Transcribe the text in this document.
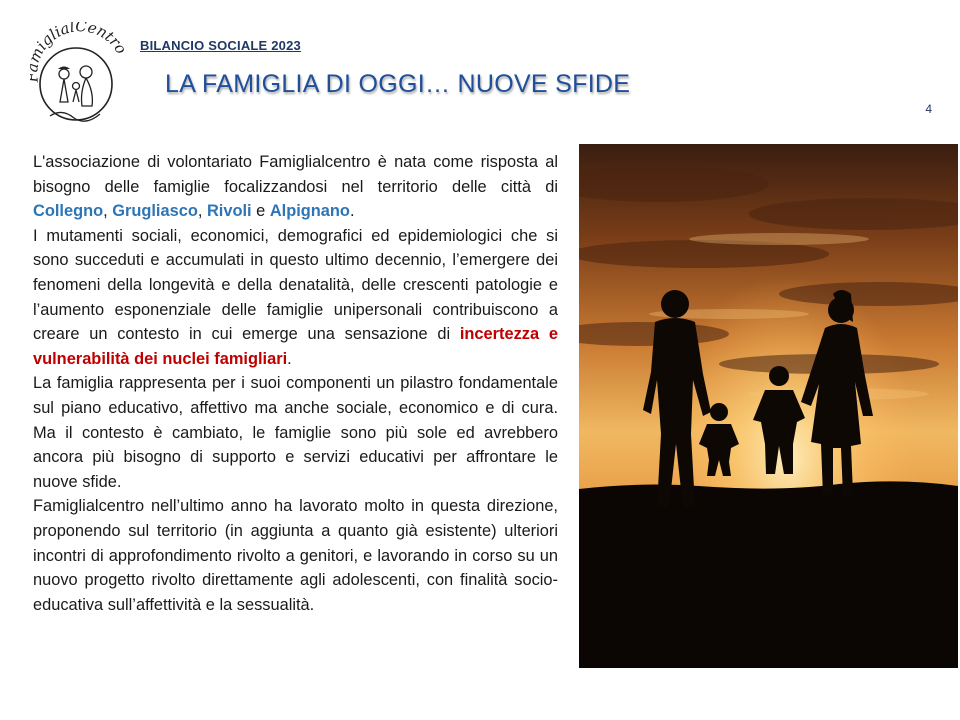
iglialCentro BILANCIO SOCIALE 2023
LA FAMIGLIA DI OGGI… NUOVE SFIDE
4

L'associazione di volontariato Famiglialcentro è nata come risposta al bisogno delle famiglie focalizzandosi nel territorio delle città di Collegno, Grugliasco, Rivoli e Alpignano.

I mutamenti sociali, economici, demografici ed epidemiologici che si sono succeduti e accumulati in questo ultimo decennio, l’emergere dei fenomeni della longevità e della denatalità, delle crescenti patologie e l’aumento esponenziale delle famiglie unipersonali contribuiscono a creare un contesto in cui emerge una sensazione di incertezza e vulnerabilità dei nuclei famigliari.

La famiglia rappresenta per i suoi componenti un pilastro fondamentale sul piano educativo, affettivo ma anche sociale, economico e di cura. Ma il contesto è cambiato, le famiglie sono più sole ed avrebbero ancora più bisogno di supporto e servizi educativi per affrontare le nuove sfide.

Famiglialcentro nell’ultimo anno ha lavorato molto in questa direzione, proponendo sul territorio (in aggiunta a quanto già esistente) ulteriori incontri di approfondimento rivolto a genitori, e lavorando in corso su un nuovo progetto rivolto direttamente agli adolescenti, con finalità socio-educativa sull’affettività e la sessualità.
